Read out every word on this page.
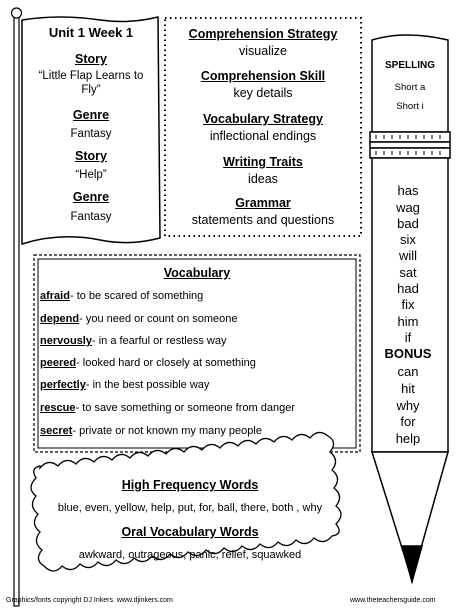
Unit 1 Week 1
Story
“Little Flap Learns to Fly”
Genre
Fantasy
Story
“Help”
Genre
Fantasy
Comprehension Strategy
visualize
Comprehension Skill
key details
Vocabulary Strategy
inflectional endings
Writing Traits
ideas
Grammar
statements and questions
Vocabulary
afraid- to be scared of something
depend- you need or count on someone
nervously- in a fearful or restless way
peered- looked hard or closely at something
perfectly- in the best possible way
rescue- to save something or someone from danger
secret- private or not known my many people
High Frequency Words
blue, even, yellow, help, put, for, ball, there, both , why
Oral Vocabulary Words
awkward, outrageous, panic, relief, squawked
SPELLING
Short a
Short i
has
wag
bad
six
will
sat
had
fix
him
if
BONUS
can
hit
why
for
help
Graphics/fonts copyright DJ Inkers. www.djinkers.com	www.theteachersguide.com
